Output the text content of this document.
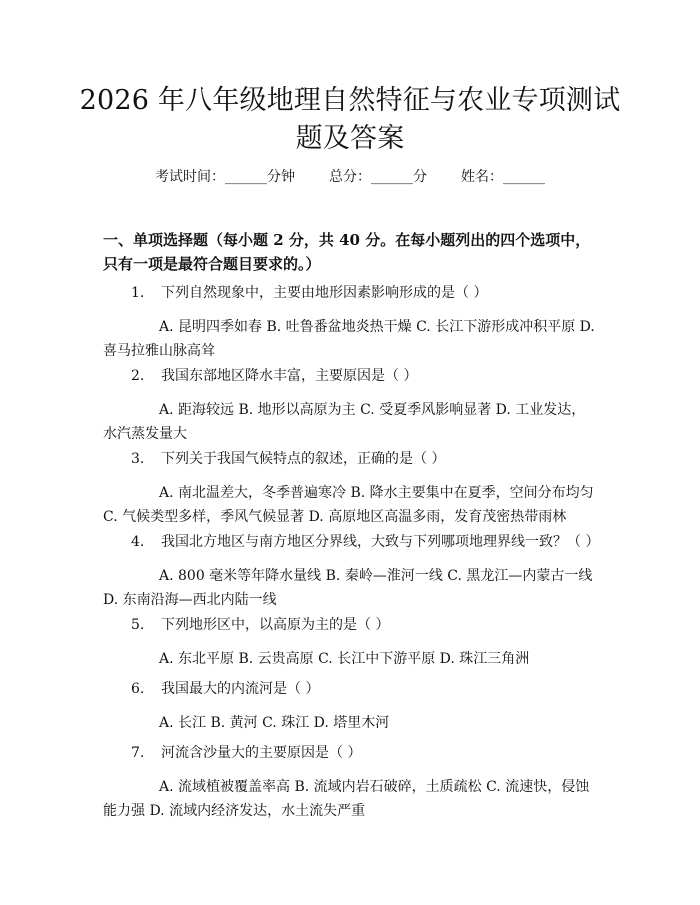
2026 年八年级地理自然特征与农业专项测试
题及答案
考试时间：______分钟 总分：______分 姓名：______

一、单项选择题（每小题 2 分，共 40 分。在每小题列出的四个选项中，只有一项是最符合题目要求的。）

1. 下列自然现象中，主要由地形因素影响形成的是（ ）

A. 昆明四季如春 B. 吐鲁番盆地炎热干燥 C. 长江下游形成冲积平原 D. 喜马拉雅山脉高耸

2. 我国东部地区降水丰富，主要原因是（ ）

A. 距海较远 B. 地形以高原为主 C. 受夏季风影响显著 D. 工业发达，水汽蒸发量大

3. 下列关于我国气候特点的叙述，正确的是（ ）

A. 南北温差大，冬季普遍寒冷 B. 降水主要集中在夏季，空间分布均匀 C. 气候类型多样，季风气候显著 D. 高原地区高温多雨，发育茂密热带雨林

4. 我国北方地区与南方地区分界线，大致与下列哪项地理界线一致？（ ）

A. 800 毫米等年降水量线 B. 秦岭—淮河一线 C. 黑龙江—内蒙古一线 D. 东南沿海—西北内陆一线

5. 下列地形区中，以高原为主的是（ ）

A. 东北平原 B. 云贵高原 C. 长江中下游平原 D. 珠江三角洲

6. 我国最大的内流河是（ ）

A. 长江 B. 黄河 C. 珠江 D. 塔里木河

7. 河流含沙量大的主要原因是（ ）

A. 流域植被覆盖率高 B. 流域内岩石破碎，土质疏松 C. 流速快，侵蚀能力强 D. 流域内经济发达，水土流失严重
